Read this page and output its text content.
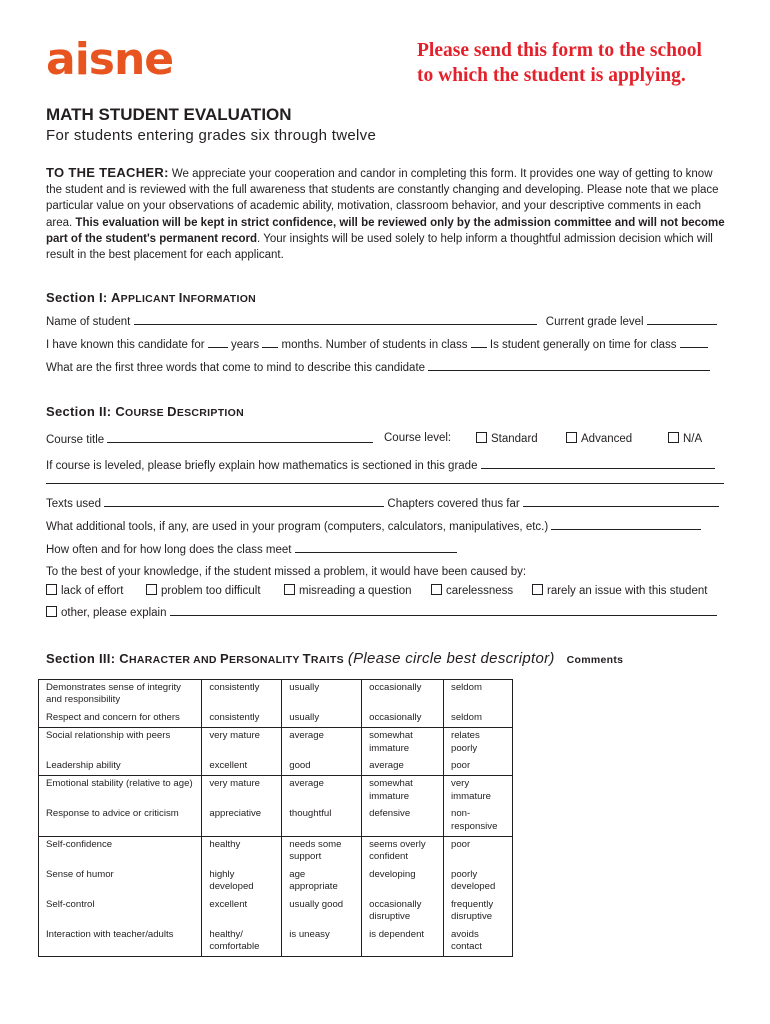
aisne	Please send this form to the school
to which the student is applying.
MATH STUDENT EVALUATION
For students entering grades six through twelve
TO THE TEACHER: We appreciate your cooperation and candor in completing this form. It provides one way of getting to know the student and is reviewed with the full awareness that students are constantly changing and developing. Please note that we place particular value on your observations of academic ability, motivation, classroom behavior, and your descriptive comments in each area. This evaluation will be kept in strict confidence, will be reviewed only by the admission committee and will not become part of the student's permanent record. Your insights will be used solely to help inform a thoughtful admission decision which will result in the best placement for each applicant.
Section I: APPLICANT INFORMATION
Name of student	Current grade level
I have known this candidate for years months. Number of students in class Is student generally on time for class
What are the first three words that come to mind to describe this candidate
Section II: COURSE DESCRIPTION
Course title	Course level:	Standard	Advanced	N/A
If course is leveled, please briefly explain how mathematics is sectioned in this grade
Texts used	Chapters covered thus far
What additional tools, if any, are used in your program (computers, calculators, manipulatives, etc.)
How often and for how long does the class meet
To the best of your knowledge, if the student missed a problem, it would have been caused by:
lack of effort	problem too difficult	misreading a question	carelessness	rarely an issue with this student
other, please explain
Section III: CHARACTER AND PERSONALITY TRAITS (Please circle best descriptor) Comments
Demonstrates sense of integrity and responsibility	consistently	usually	occasionally	seldom
Respect and concern for others	consistently	usually	occasionally	seldom
Social relationship with peers	very mature	average	somewhat immature	relates poorly
Leadership ability	excellent	good	average	poor
Emotional stability (relative to age)	very mature	average	somewhat immature	very immature
Response to advice or criticism	appreciative	thoughtful	defensive	non-responsive
Self-confidence	healthy	needs some support	seems overly confident	poor
Sense of humor	highly developed	age appropriate	developing	poorly developed
Self-control	excellent	usually good	occasionally disruptive	frequently disruptive
Interaction with teacher/adults	healthy/ comfortable	is uneasy	is dependent	avoids contact
